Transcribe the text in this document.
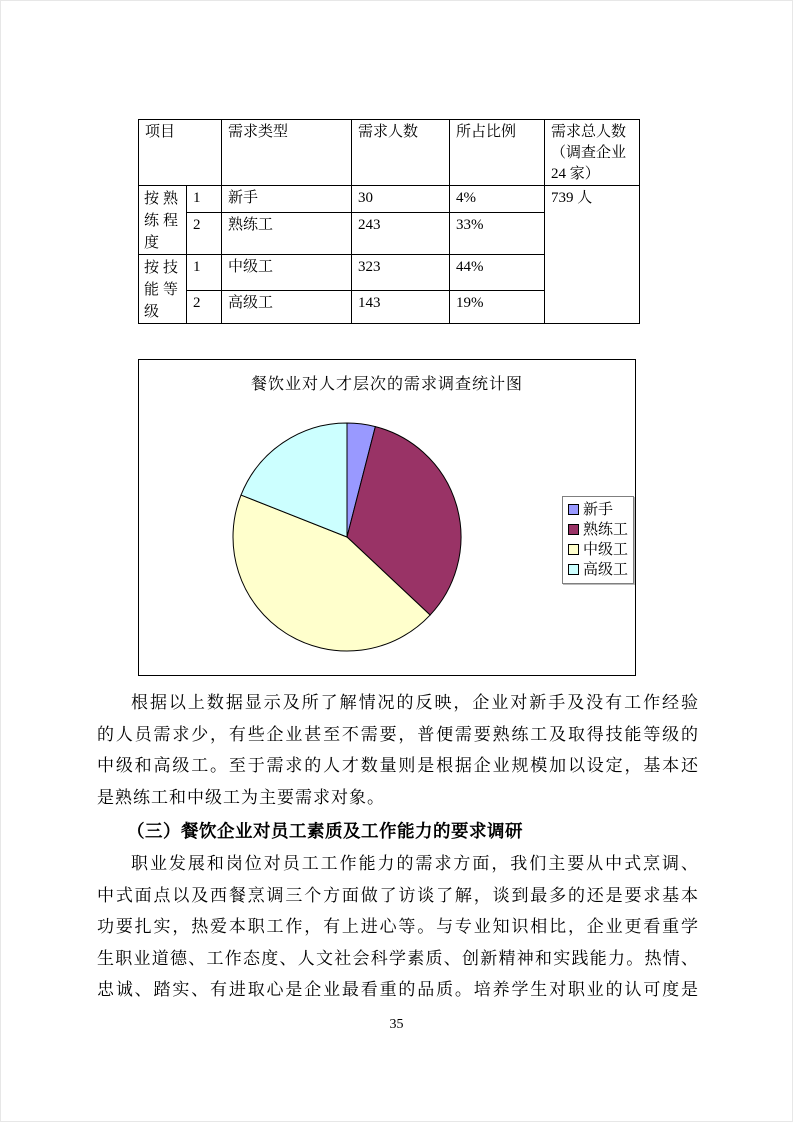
项目		需求类型	需求人数	所占比例	需求总人数（调查企业 24 家）
按熟练程度	1	新手	30	4%	739 人
	2	熟练工	243	33%	
按技能等级	1	中级工	323	44%	
	2	高级工	143	19%	
餐饮业对人才层次的需求调查统计图
新手
熟练工
中级工
高级工
根据以上数据显示及所了解情况的反映，企业对新手及没有工作经验
的人员需求少，有些企业甚至不需要，普便需要熟练工及取得技能等级的
中级和高级工。至于需求的人才数量则是根据企业规模加以设定，基本还
是熟练工和中级工为主要需求对象。
（三）餐饮企业对员工素质及工作能力的要求调研
职业发展和岗位对员工工作能力的需求方面，我们主要从中式烹调、
中式面点以及西餐烹调三个方面做了访谈了解，谈到最多的还是要求基本
功要扎实，热爱本职工作，有上进心等。与专业知识相比，企业更看重学
生职业道德、工作态度、人文社会科学素质、创新精神和实践能力。热情、
忠诚、踏实、有进取心是企业最看重的品质。培养学生对职业的认可度是
35
